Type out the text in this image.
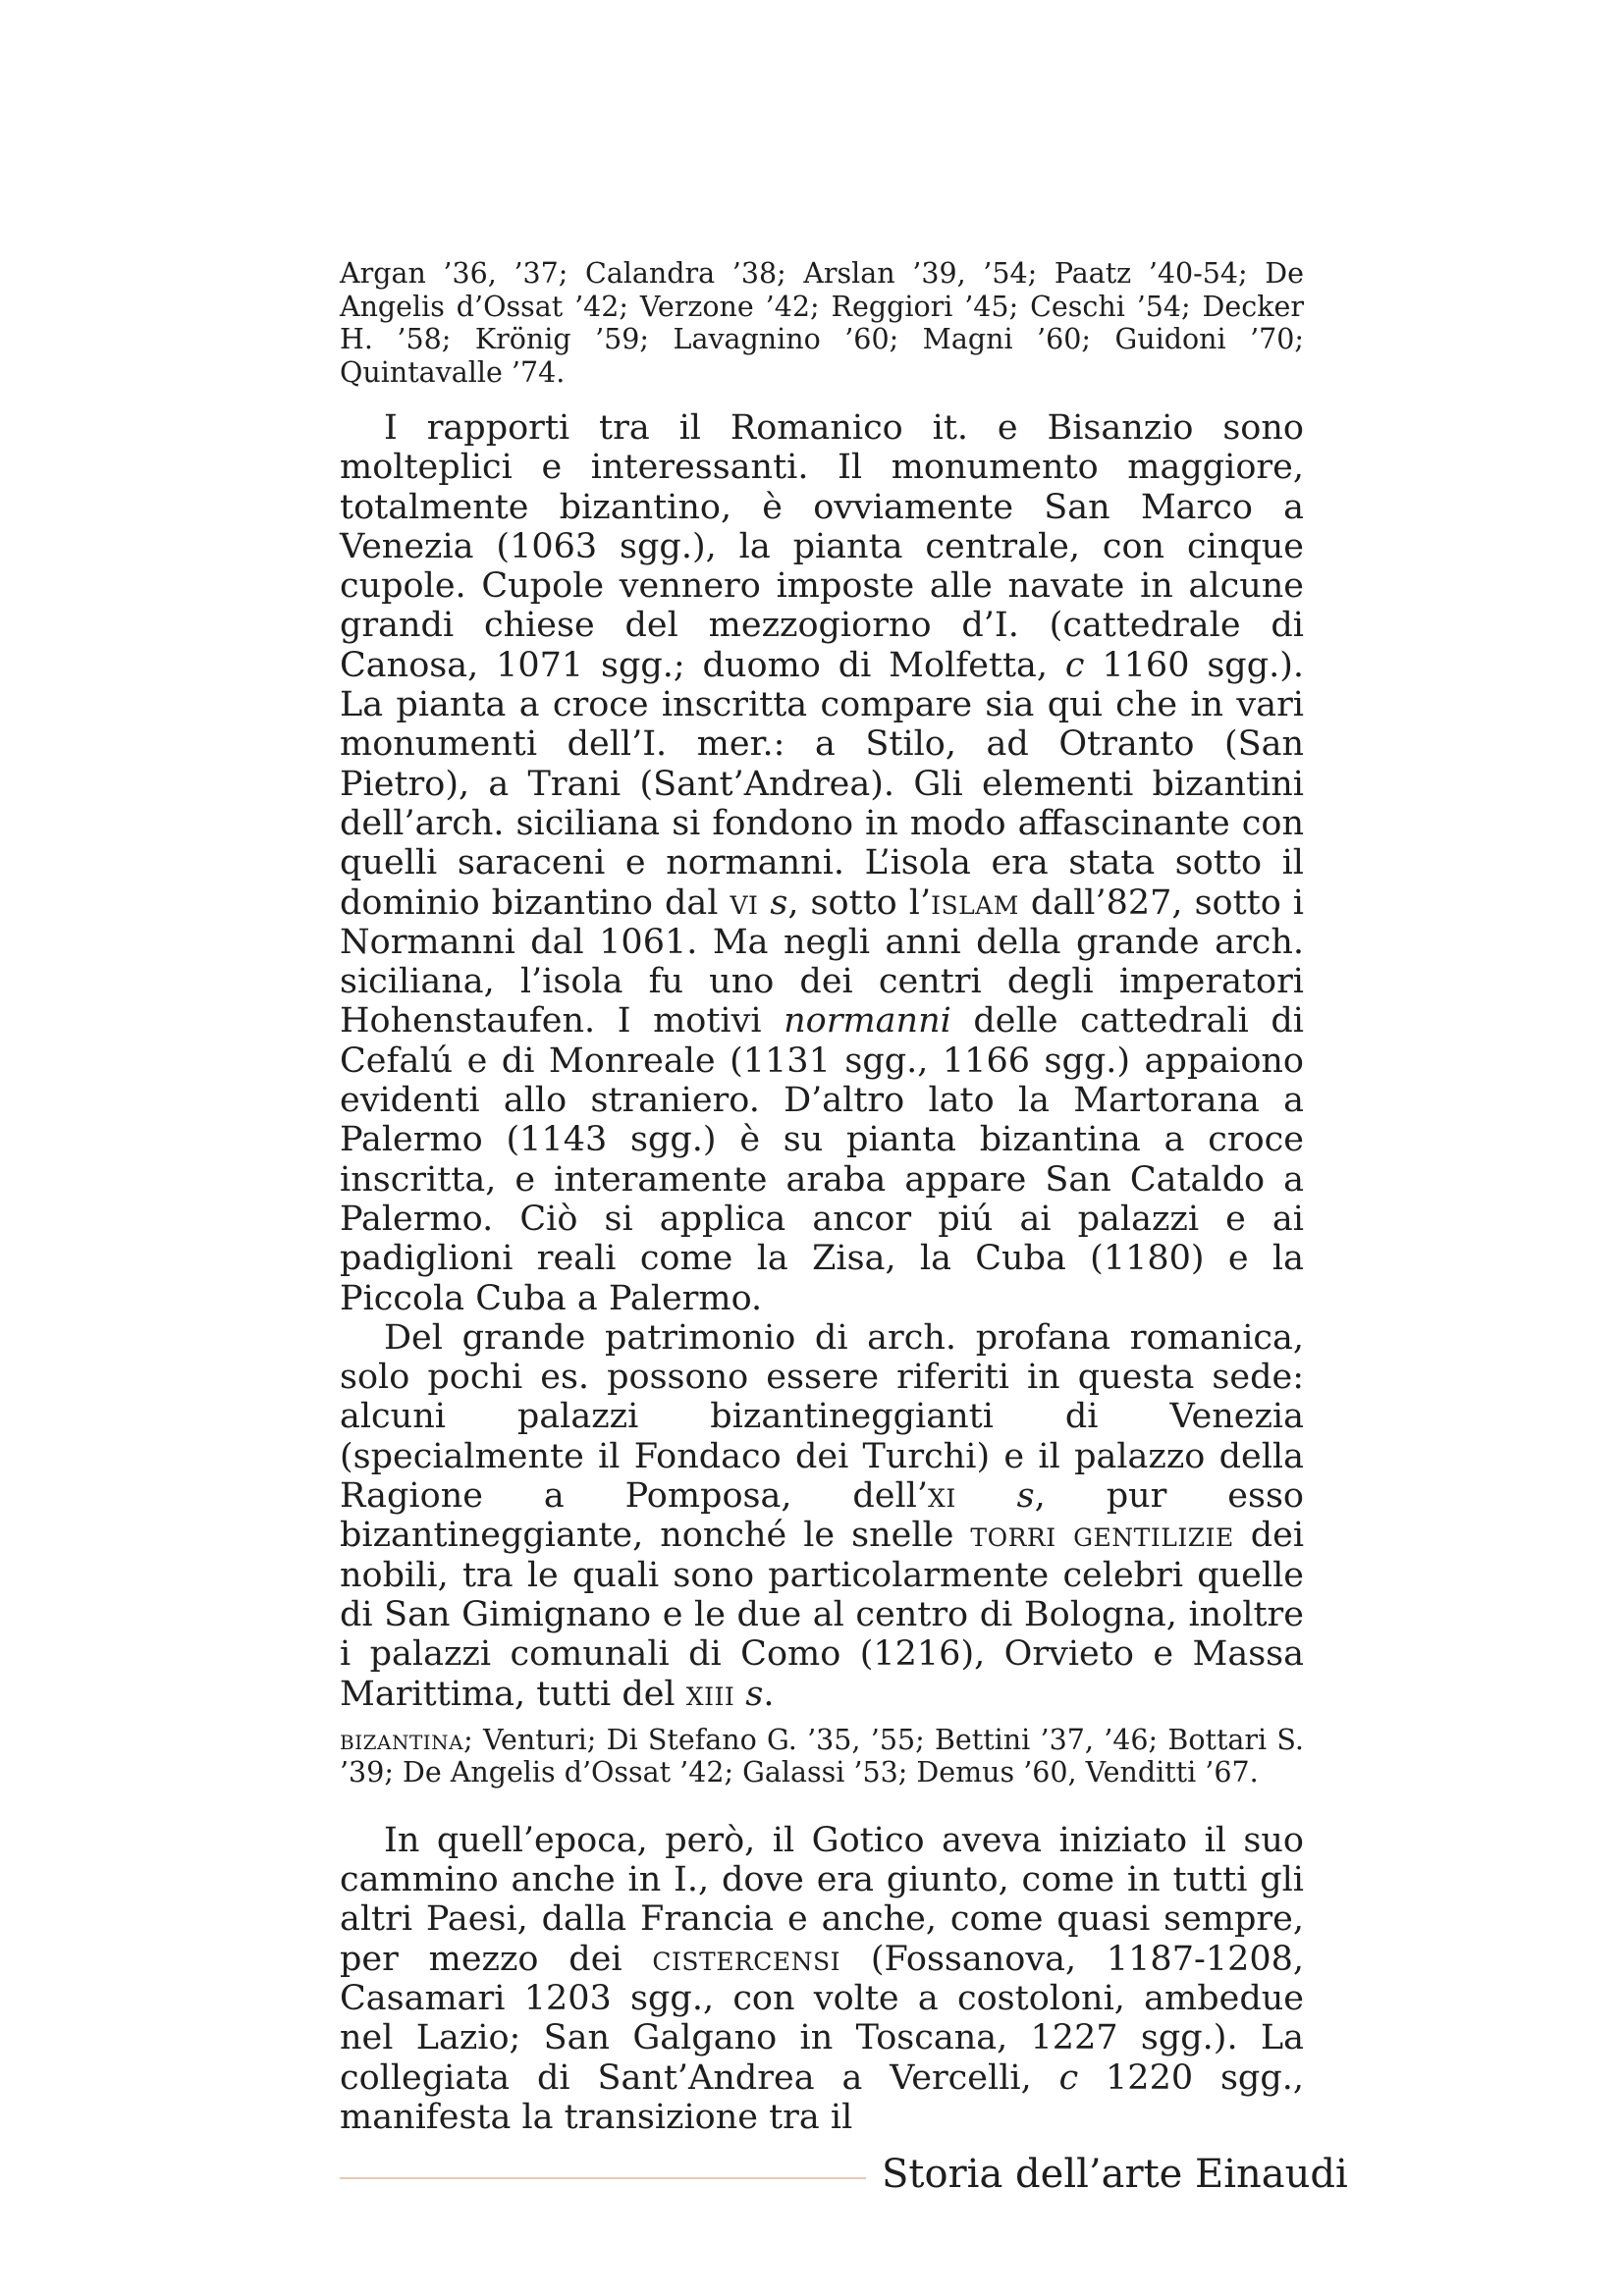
Argan ’36, ’37; Calandra ’38; Arslan ’39, ’54; Paatz ’40-54; De Angelis d’Ossat ’42; Verzone ’42; Reggiori ’45; Ceschi ’54; Decker H. ’58; Krönig ’59; Lavagnino ’60; Magni ’60; Guidoni ’70; Quintavalle ’74.

I rapporti tra il Romanico it. e Bisanzio sono molteplici e interessanti. Il monumento maggiore, totalmente bizantino, è ovviamente San Marco a Venezia (1063 sgg.), la pianta centrale, con cinque cupole. Cupole vennero imposte alle navate in alcune grandi chiese del mezzogiorno d’I. (cattedrale di Canosa, 1071 sgg.; duomo di Molfetta, c 1160 sgg.). La pianta a croce inscritta compare sia qui che in vari monumenti dell’I. mer.: a Stilo, ad Otranto (San Pietro), a Trani (Sant’Andrea). Gli elementi bizantini dell’arch. siciliana si fondono in modo affascinante con quelli saraceni e normanni. L’isola era stata sotto il dominio bizantino dal vi s, sotto l’islam dall’827, sotto i Normanni dal 1061. Ma negli anni della grande arch. siciliana, l’isola fu uno dei centri degli imperatori Hohenstaufen. I motivi normanni delle cattedrali di Cefalú e di Monreale (1131 sgg., 1166 sgg.) appaiono evidenti allo straniero. D’altro lato la Martorana a Palermo (1143 sgg.) è su pianta bizantina a croce inscritta, e interamente araba appare San Cataldo a Palermo. Ciò si applica ancor piú ai palazzi e ai padiglioni reali come la Zisa, la Cuba (1180) e la Piccola Cuba a Palermo.

Del grande patrimonio di arch. profana romanica, solo pochi es. possono essere riferiti in questa sede: alcuni palazzi bizantineggianti di Venezia (specialmente il Fondaco dei Turchi) e il palazzo della Ragione a Pomposa, dell’xi s, pur esso bizantineggiante, nonché le snelle torri gentilizie dei nobili, tra le quali sono particolarmente celebri quelle di San Gimignano e le due al centro di Bologna, inoltre i palazzi comunali di Como (1216), Orvieto e Massa Marittima, tutti del xiii s.

bizantina; Venturi; Di Stefano G. ’35, ’55; Bettini ’37, ’46; Bottari S. ’39; De Angelis d’Ossat ’42; Galassi ’53; Demus ’60, Venditti ’67.

In quell’epoca, però, il Gotico aveva iniziato il suo cammino anche in I., dove era giunto, come in tutti gli altri Paesi, dalla Francia e anche, come quasi sempre, per mezzo dei cistercensi (Fossanova, 1187-1208, Casamari 1203 sgg., con volte a costoloni, ambedue nel Lazio; San Galgano in Toscana, 1227 sgg.). La collegiata di Sant’Andrea a Vercelli, c 1220 sgg., manifesta la transizione tra il

Storia dell’arte Einaudi
